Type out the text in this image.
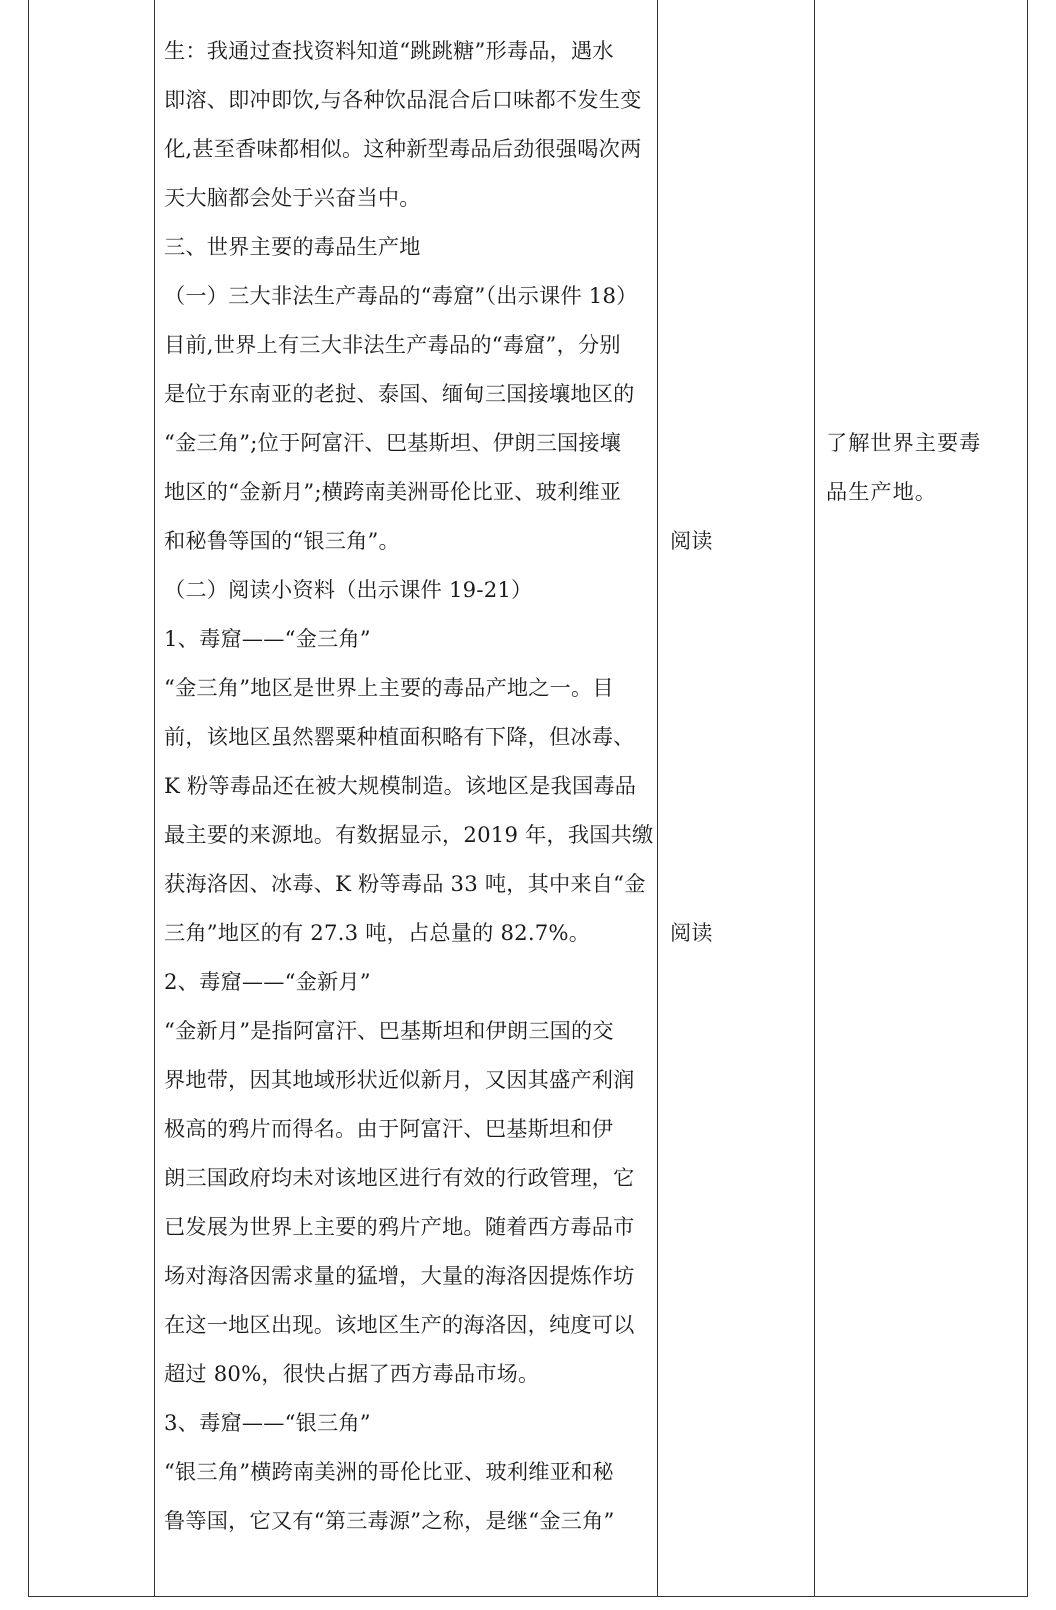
生：我通过查找资料知道“跳跳糖”形毒品，遇水
即溶、即冲即饮,与各种饮品混合后口味都不发生变
化,甚至香味都相似。这种新型毒品后劲很强喝次两
天大脑都会处于兴奋当中。
三、世界主要的毒品生产地
（一）三大非法生产毒品的“毒窟”（出示课件 18）
目前,世界上有三大非法生产毒品的“毒窟”，分别
是位于东南亚的老挝、泰国、缅甸三国接壤地区的
“金三角”;位于阿富汗、巴基斯坦、伊朗三国接壤
地区的“金新月”;横跨南美洲哥伦比亚、玻利维亚
和秘鲁等国的“银三角”。
（二）阅读小资料（出示课件 19-21）
1、毒窟——“金三角”
“金三角”地区是世界上主要的毒品产地之一。目
前，该地区虽然罂粟种植面积略有下降，但冰毒、
K 粉等毒品还在被大规模制造。该地区是我国毒品
最主要的来源地。有数据显示，2019 年，我国共缴
获海洛因、冰毒、K 粉等毒品 33 吨，其中来自“金
三角”地区的有 27.3 吨，占总量的 82.7%。
2、毒窟——“金新月”
“金新月”是指阿富汗、巴基斯坦和伊朗三国的交
界地带，因其地域形状近似新月，又因其盛产利润
极高的鸦片而得名。由于阿富汗、巴基斯坦和伊
朗三国政府均未对该地区进行有效的行政管理，它
已发展为世界上主要的鸦片产地。随着西方毒品市
场对海洛因需求量的猛增，大量的海洛因提炼作坊
在这一地区出现。该地区生产的海洛因，纯度可以
超过 80%，很快占据了西方毒品市场。
3、毒窟——“银三角”
“银三角”横跨南美洲的哥伦比亚、玻利维亚和秘
鲁等国，它又有“第三毒源”之称，是继“金三角”
阅读
阅读
了解世界主要毒
品生产地。
